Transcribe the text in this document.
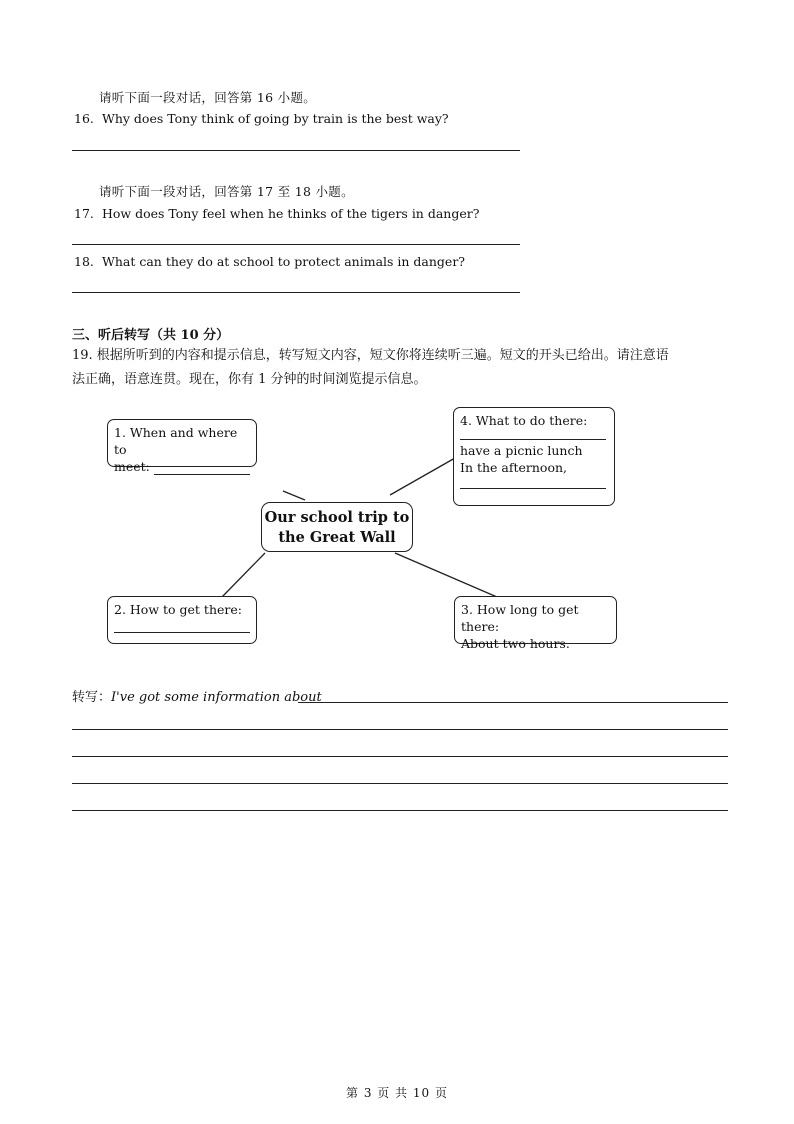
请听下面一段对话，回答第 16 小题。
16. Why does Tony think of going by train is the best way?
请听下面一段对话，回答第 17 至 18 小题。
17. How does Tony feel when he thinks of the tigers in danger?
18. What can they do at school to protect animals in danger?
三、听后转写（共 10 分）
19. 根据所听到的内容和提示信息，转写短文内容，短文你将连续听三遍。短文的开头已给出。请注意语
法正确，语意连贯。现在，你有 1 分钟的时间浏览提示信息。
1. When and where to
meet:
4. What to do there:
have a picnic lunch
In the afternoon,
Our school trip to
the Great Wall
2. How to get there:	3. How long to get there:
About two hours.
转写：I've got some information about
第 3 页 共 10 页
